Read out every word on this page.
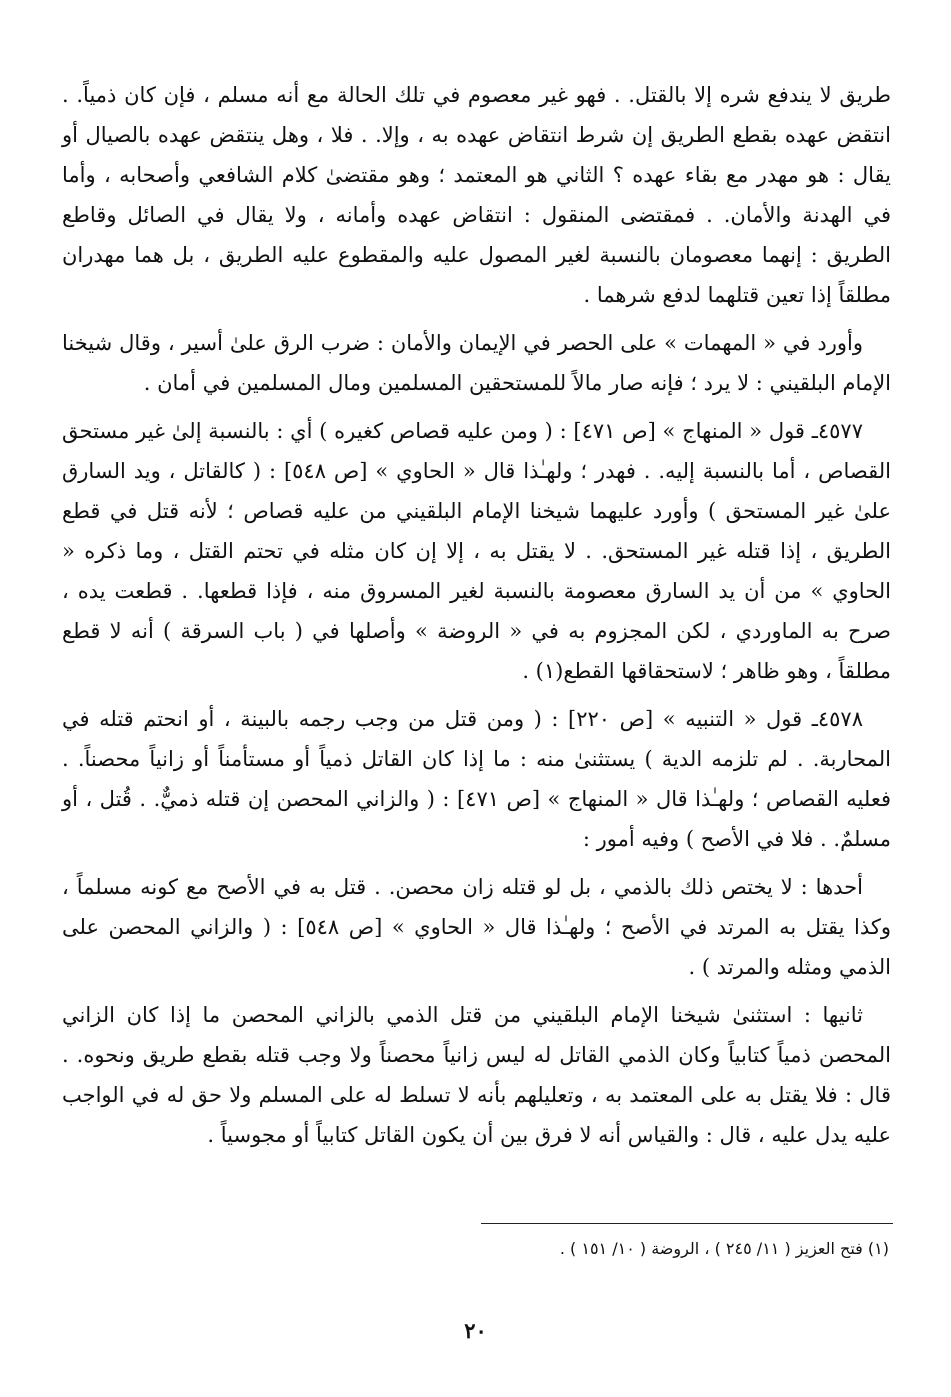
طريق لا يندفع شره إلا بالقتل. . فهو غير معصوم في تلك الحالة مع أنه مسلم ، فإن كان ذمياً. . انتقض عهده بقطع الطريق إن شرط انتقاض عهده به ، وإلا. . فلا ، وهل ينتقض عهده بالصيال أو يقال : هو مهدر مع بقاء عهده ؟ الثاني هو المعتمد ؛ وهو مقتضىٰ كلام الشافعي وأصحابه ، وأما في الهدنة والأمان. . فمقتضى المنقول : انتقاض عهده وأمانه ، ولا يقال في الصائل وقاطع الطريق : إنهما معصومان بالنسبة لغير المصول عليه والمقطوع عليه الطريق ، بل هما مهدران مطلقاً إذا تعين قتلهما لدفع شرهما .

وأورد في « المهمات » على الحصر في الإيمان والأمان : ضرب الرق علىٰ أسير ، وقال شيخنا الإمام البلقيني : لا يرد ؛ فإنه صار مالاً للمستحقين المسلمين ومال المسلمين في أمان .

٤٥٧٧ـ قول « المنهاج » [ص ٤٧١] : ( ومن عليه قصاص كغيره ) أي : بالنسبة إلىٰ غير مستحق القصاص ، أما بالنسبة إليه. . فهدر ؛ ولهـٰذا قال « الحاوي » [ص ٥٤٨] : ( كالقاتل ، ويد السارق علىٰ غير المستحق ) وأورد عليهما شيخنا الإمام البلقيني من عليه قصاص ؛ لأنه قتل في قطع الطريق ، إذا قتله غير المستحق. . لا يقتل به ، إلا إن كان مثله في تحتم القتل ، وما ذكره « الحاوي » من أن يد السارق معصومة بالنسبة لغير المسروق منه ، فإذا قطعها. . قطعت يده ، صرح به الماوردي ، لكن المجزوم به في « الروضة » وأصلها في ( باب السرقة ) أنه لا قطع مطلقاً ، وهو ظاهر ؛ لاستحقاقها القطع(١) .

٤٥٧٨ـ قول « التنبيه » [ص ٢٢٠] : ( ومن قتل من وجب رجمه بالبينة ، أو انحتم قتله في المحاربة. . لم تلزمه الدية ) يستثنىٰ منه : ما إذا كان القاتل ذمياً أو مستأمناً أو زانياً محصناً. . فعليه القصاص ؛ ولهـٰذا قال « المنهاج » [ص ٤٧١] : ( والزاني المحصن إن قتله ذميٌّ. . قُتل ، أو مسلمٌ. . فلا في الأصح ) وفيه أمور :

أحدها : لا يختص ذلك بالذمي ، بل لو قتله زان محصن. . قتل به في الأصح مع كونه مسلماً ، وكذا يقتل به المرتد في الأصح ؛ ولهـٰذا قال « الحاوي » [ص ٥٤٨] : ( والزاني المحصن على الذمي ومثله والمرتد ) .

ثانيها : استثنىٰ شيخنا الإمام البلقيني من قتل الذمي بالزاني المحصن ما إذا كان الزاني المحصن ذمياً كتابياً وكان الذمي القاتل له ليس زانياً محصناً ولا وجب قتله بقطع طريق ونحوه. . قال : فلا يقتل به على المعتمد به ، وتعليلهم بأنه لا تسلط له على المسلم ولا حق له في الواجب عليه يدل عليه ، قال : والقياس أنه لا فرق بين أن يكون القاتل كتابياً أو مجوسياً .

(١) فتح العزيز ( ١١/ ٢٤٥ ) ، الروضة ( ١٠/ ١٥١ ) .
٢٠
